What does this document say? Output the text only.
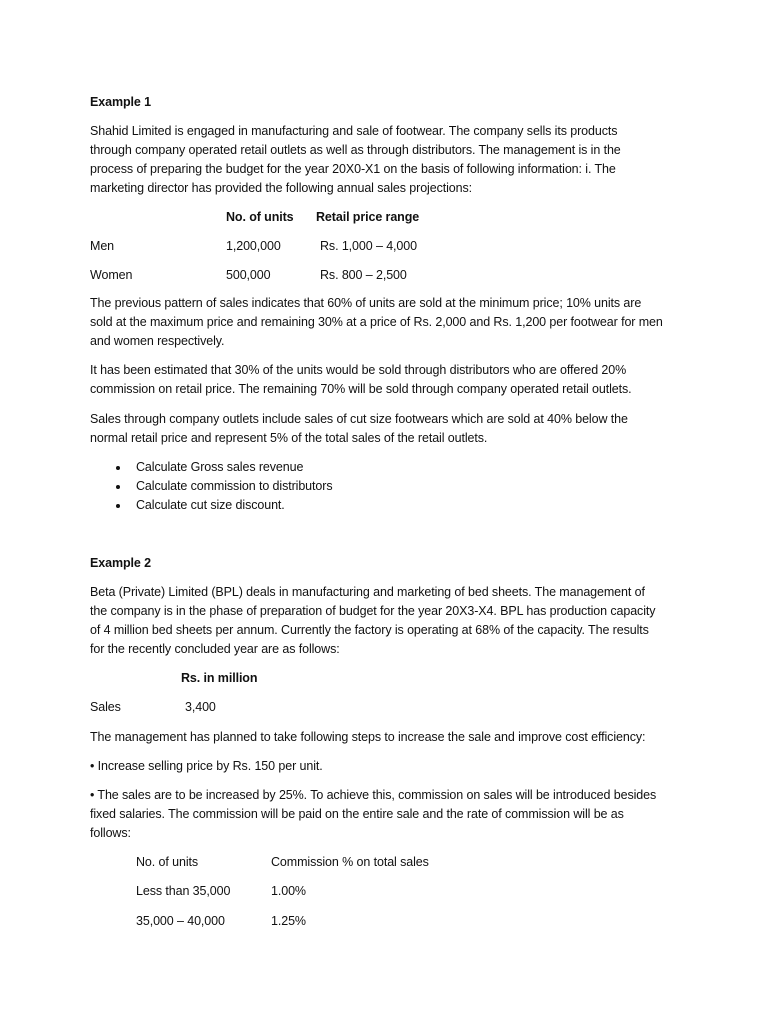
Example 1
Shahid Limited is engaged in manufacturing and sale of footwear. The company sells its products
through company operated retail outlets as well as through distributors. The management is in the
process of preparing the budget for the year 20X0-X1 on the basis of following information: i. The
marketing director has provided the following annual sales projections:
No. of units Retail price range
Men	1,200,000	Rs. 1,000 – 4,000
Women	500,000	Rs. 800 – 2,500
The previous pattern of sales indicates that 60% of units are sold at the minimum price; 10% units are
sold at the maximum price and remaining 30% at a price of Rs. 2,000 and Rs. 1,200 per footwear for men
and women respectively.
It has been estimated that 30% of the units would be sold through distributors who are offered 20%
commission on retail price. The remaining 70% will be sold through company operated retail outlets.
Sales through company outlets include sales of cut size footwears which are sold at 40% below the
normal retail price and represent 5% of the total sales of the retail outlets.
Calculate Gross sales revenue
Calculate commission to distributors
Calculate cut size discount.
Example 2
Beta (Private) Limited (BPL) deals in manufacturing and marketing of bed sheets. The management of
the company is in the phase of preparation of budget for the year 20X3-X4. BPL has production capacity
of 4 million bed sheets per annum. Currently the factory is operating at 68% of the capacity. The results
for the recently concluded year are as follows:
Rs. in million
Sales	3,400
The management has planned to take following steps to increase the sale and improve cost efficiency:
• Increase selling price by Rs. 150 per unit.
• The sales are to be increased by 25%. To achieve this, commission on sales will be introduced besides
fixed salaries. The commission will be paid on the entire sale and the rate of commission will be as
follows:
No. of units	Commission % on total sales
Less than 35,000	1.00%
35,000 – 40,000	1.25%
